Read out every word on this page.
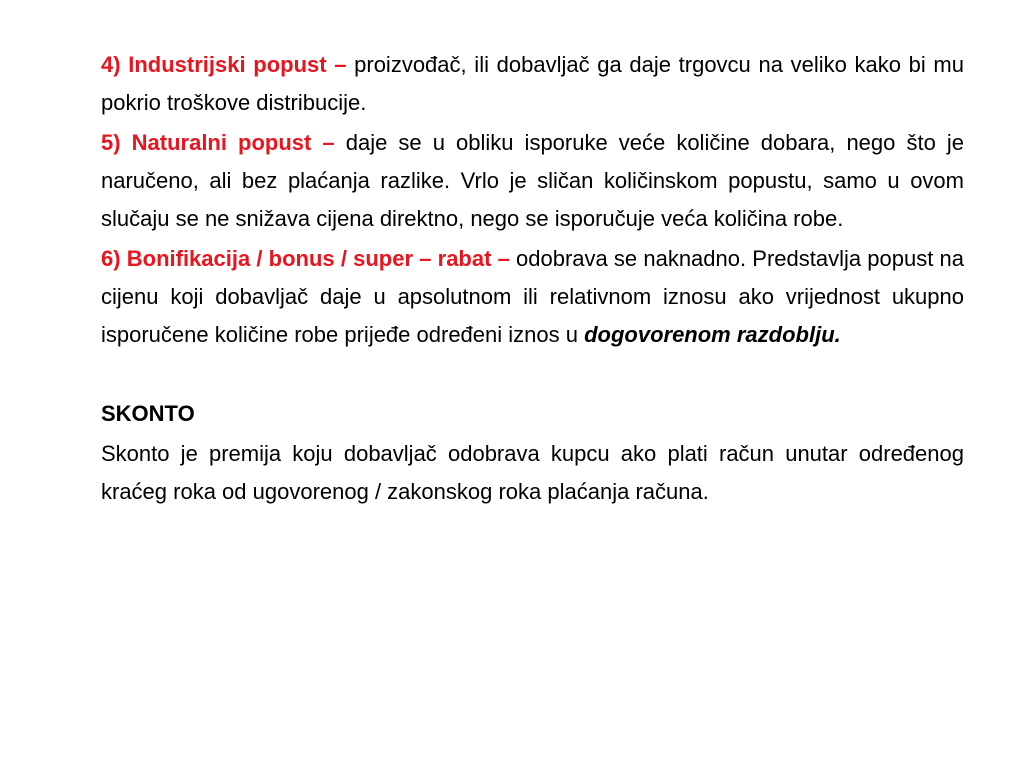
4) Industrijski popust – proizvođač, ili dobavljač ga daje trgovcu na veliko kako bi mu pokrio troškove distribucije.

5) Naturalni popust – daje se u obliku isporuke veće količine dobara, nego što je naručeno, ali bez plaćanja razlike. Vrlo je sličan količinskom popustu, samo u ovom slučaju se ne snižava cijena direktno, nego se isporučuje veća količina robe.

6) Bonifikacija / bonus / super – rabat – odobrava se naknadno. Predstavlja popust na cijenu koji dobavljač daje u apsolutnom ili relativnom iznosu ako vrijednost ukupno isporučene količine robe prijeđe određeni iznos u dogovorenom razdoblju.

SKONTO

Skonto je premija koju dobavljač odobrava kupcu ako plati račun unutar određenog kraćeg roka od ugovorenog / zakonskog roka plaćanja računa.
